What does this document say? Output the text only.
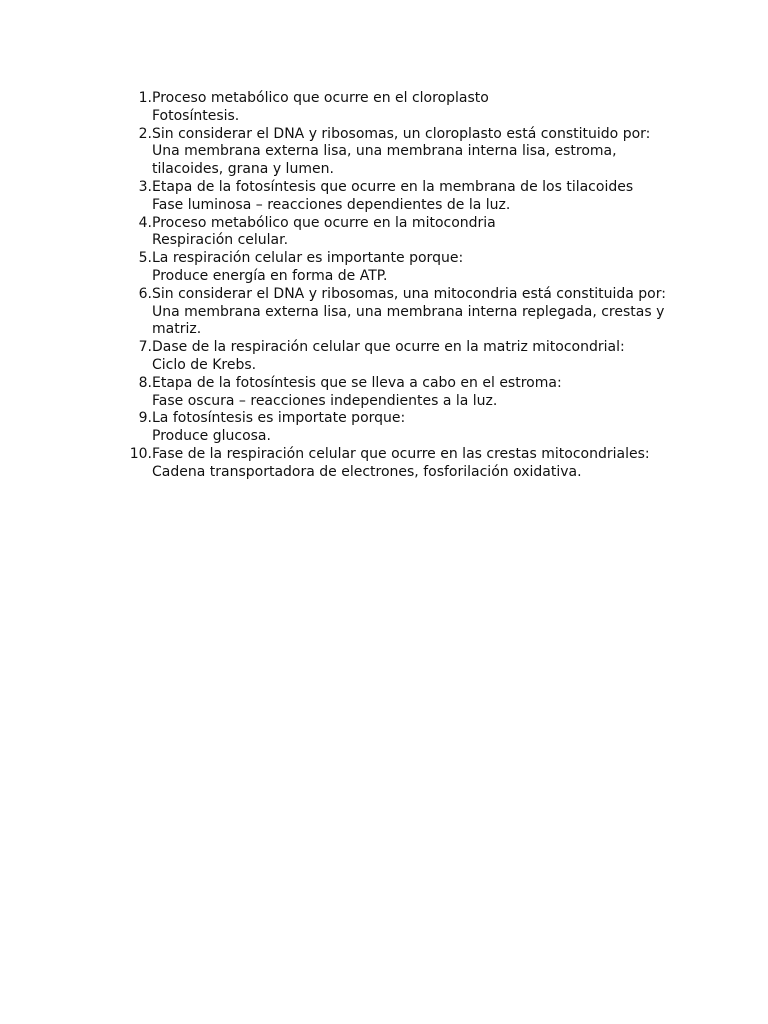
1. Proceso metabólico que ocurre en el cloroplasto
Fotosíntesis.
2. Sin considerar el DNA y ribosomas, un cloroplasto está constituido por:
Una membrana externa lisa, una membrana interna lisa, estroma, tilacoides, grana y lumen.
3. Etapa de la fotosíntesis que ocurre en la membrana de los tilacoides
Fase luminosa – reacciones dependientes de la luz.
4. Proceso metabólico que ocurre en la mitocondria
Respiración celular.
5. La respiración celular es importante porque:
Produce energía en forma de ATP.
6. Sin considerar el DNA y ribosomas, una mitocondria está constituida por:
Una membrana externa lisa, una membrana interna replegada, crestas y matriz.
7. Dase de la respiración celular que ocurre en la matriz mitocondrial:
Ciclo de Krebs.
8. Etapa de la fotosíntesis que se lleva a cabo en el estroma:
Fase oscura – reacciones independientes a la luz.
9. La fotosíntesis es importate porque:
Produce glucosa.
10. Fase de la respiración celular que ocurre en las crestas mitocondriales:
Cadena transportadora de electrones, fosforilación oxidativa.
